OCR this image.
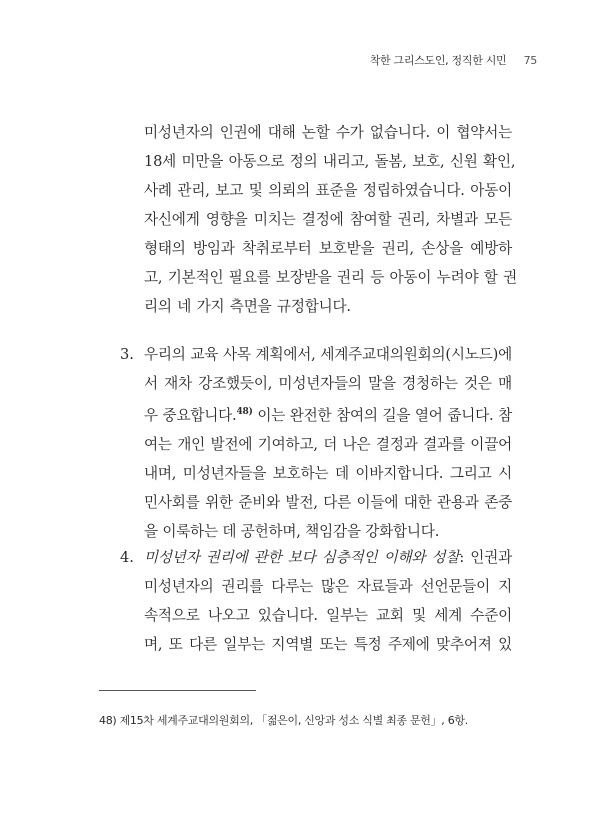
착한 그리스도인, 정직한 시민 75
미성년자의 인권에 대해 논할 수가 없습니다. 이 협약서는
18세 미만을 아동으로 정의 내리고, 돌봄, 보호, 신원 확인,
사례 관리, 보고 및 의뢰의 표준을 정립하였습니다. 아동이
자신에게 영향을 미치는 결정에 참여할 권리, 차별과 모든
형태의 방임과 착취로부터 보호받을 권리, 손상을 예방하
고, 기본적인 필요를 보장받을 권리 등 아동이 누려야 할 권
리의 네 가지 측면을 규정합니다.
3. 우리의 교육 사목 계획에서, 세계주교대의원회의(시노드)에
서 재차 강조했듯이, 미성년자들의 말을 경청하는 것은 매
우 중요합니다.$^{48)}$ 이는 완전한 참여의 길을 열어 줍니다. 참
여는 개인 발전에 기여하고, 더 나은 결정과 결과를 이끌어
내며, 미성년자들을 보호하는 데 이바지합니다. 그리고 시
민사회를 위한 준비와 발전, 다른 이들에 대한 관용과 존중
을 이룩하는 데 공헌하며, 책임감을 강화합니다.
4. 미성년자 권리에 관한 보다 심층적인 이해와 성찰: 인권과
미성년자의 권리를 다루는 많은 자료들과 선언문들이 지
속적으로 나오고 있습니다. 일부는 교회 및 세계 수준이
며, 또 다른 일부는 지역별 또는 특정 주제에 맞추어져 있
48) 제15차 세계주교대의원회의, 「젊은이, 신앙과 성소 식별 최종 문헌」, 6항.
